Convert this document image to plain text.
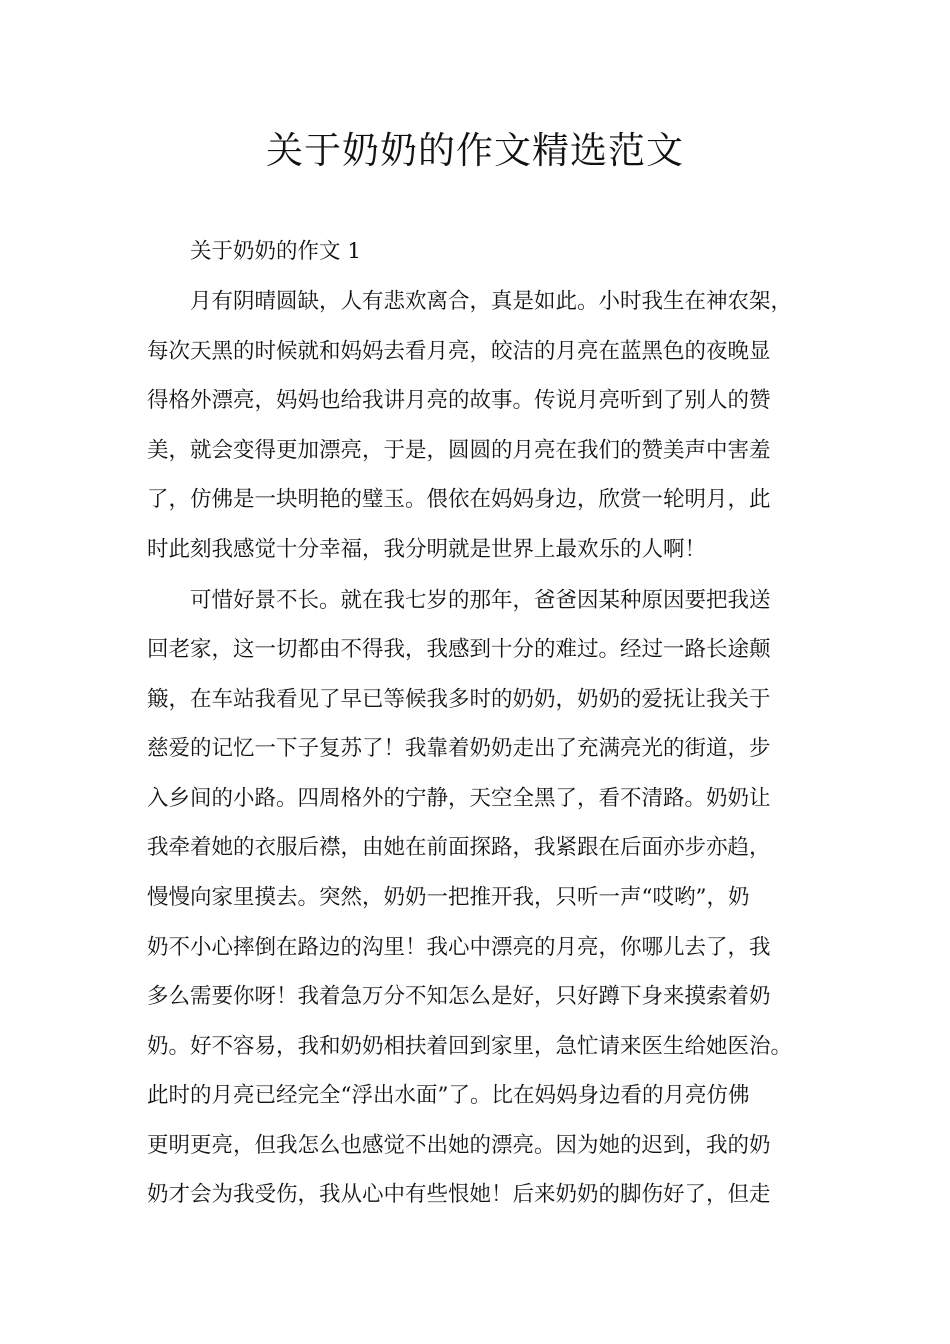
关于奶奶的作文精选范文
关于奶奶的作文 1
月有阴晴圆缺，人有悲欢离合，真是如此。小时我生在神农架，
每次天黑的时候就和妈妈去看月亮，皎洁的月亮在蓝黑色的夜晚显
得格外漂亮，妈妈也给我讲月亮的故事。传说月亮听到了别人的赞
美，就会变得更加漂亮，于是，圆圆的月亮在我们的赞美声中害羞
了，仿佛是一块明艳的璧玉。偎依在妈妈身边，欣赏一轮明月，此
时此刻我感觉十分幸福，我分明就是世界上最欢乐的人啊！
可惜好景不长。就在我七岁的那年，爸爸因某种原因要把我送
回老家，这一切都由不得我，我感到十分的难过。经过一路长途颠
簸，在车站我看见了早已等候我多时的奶奶，奶奶的爱抚让我关于
慈爱的记忆一下子复苏了！我靠着奶奶走出了充满亮光的街道，步
入乡间的小路。四周格外的宁静，天空全黑了，看不清路。奶奶让
我牵着她的衣服后襟，由她在前面探路，我紧跟在后面亦步亦趋，
慢慢向家里摸去。突然，奶奶一把推开我，只听一声“哎哟”，奶
奶不小心摔倒在路边的沟里！我心中漂亮的月亮，你哪儿去了，我
多么需要你呀！我着急万分不知怎么是好，只好蹲下身来摸索着奶
奶。好不容易，我和奶奶相扶着回到家里，急忙请来医生给她医治。
此时的月亮已经完全“浮出水面”了。比在妈妈身边看的月亮仿佛
更明更亮，但我怎么也感觉不出她的漂亮。因为她的迟到，我的奶
奶才会为我受伤，我从心中有些恨她！后来奶奶的脚伤好了，但走
